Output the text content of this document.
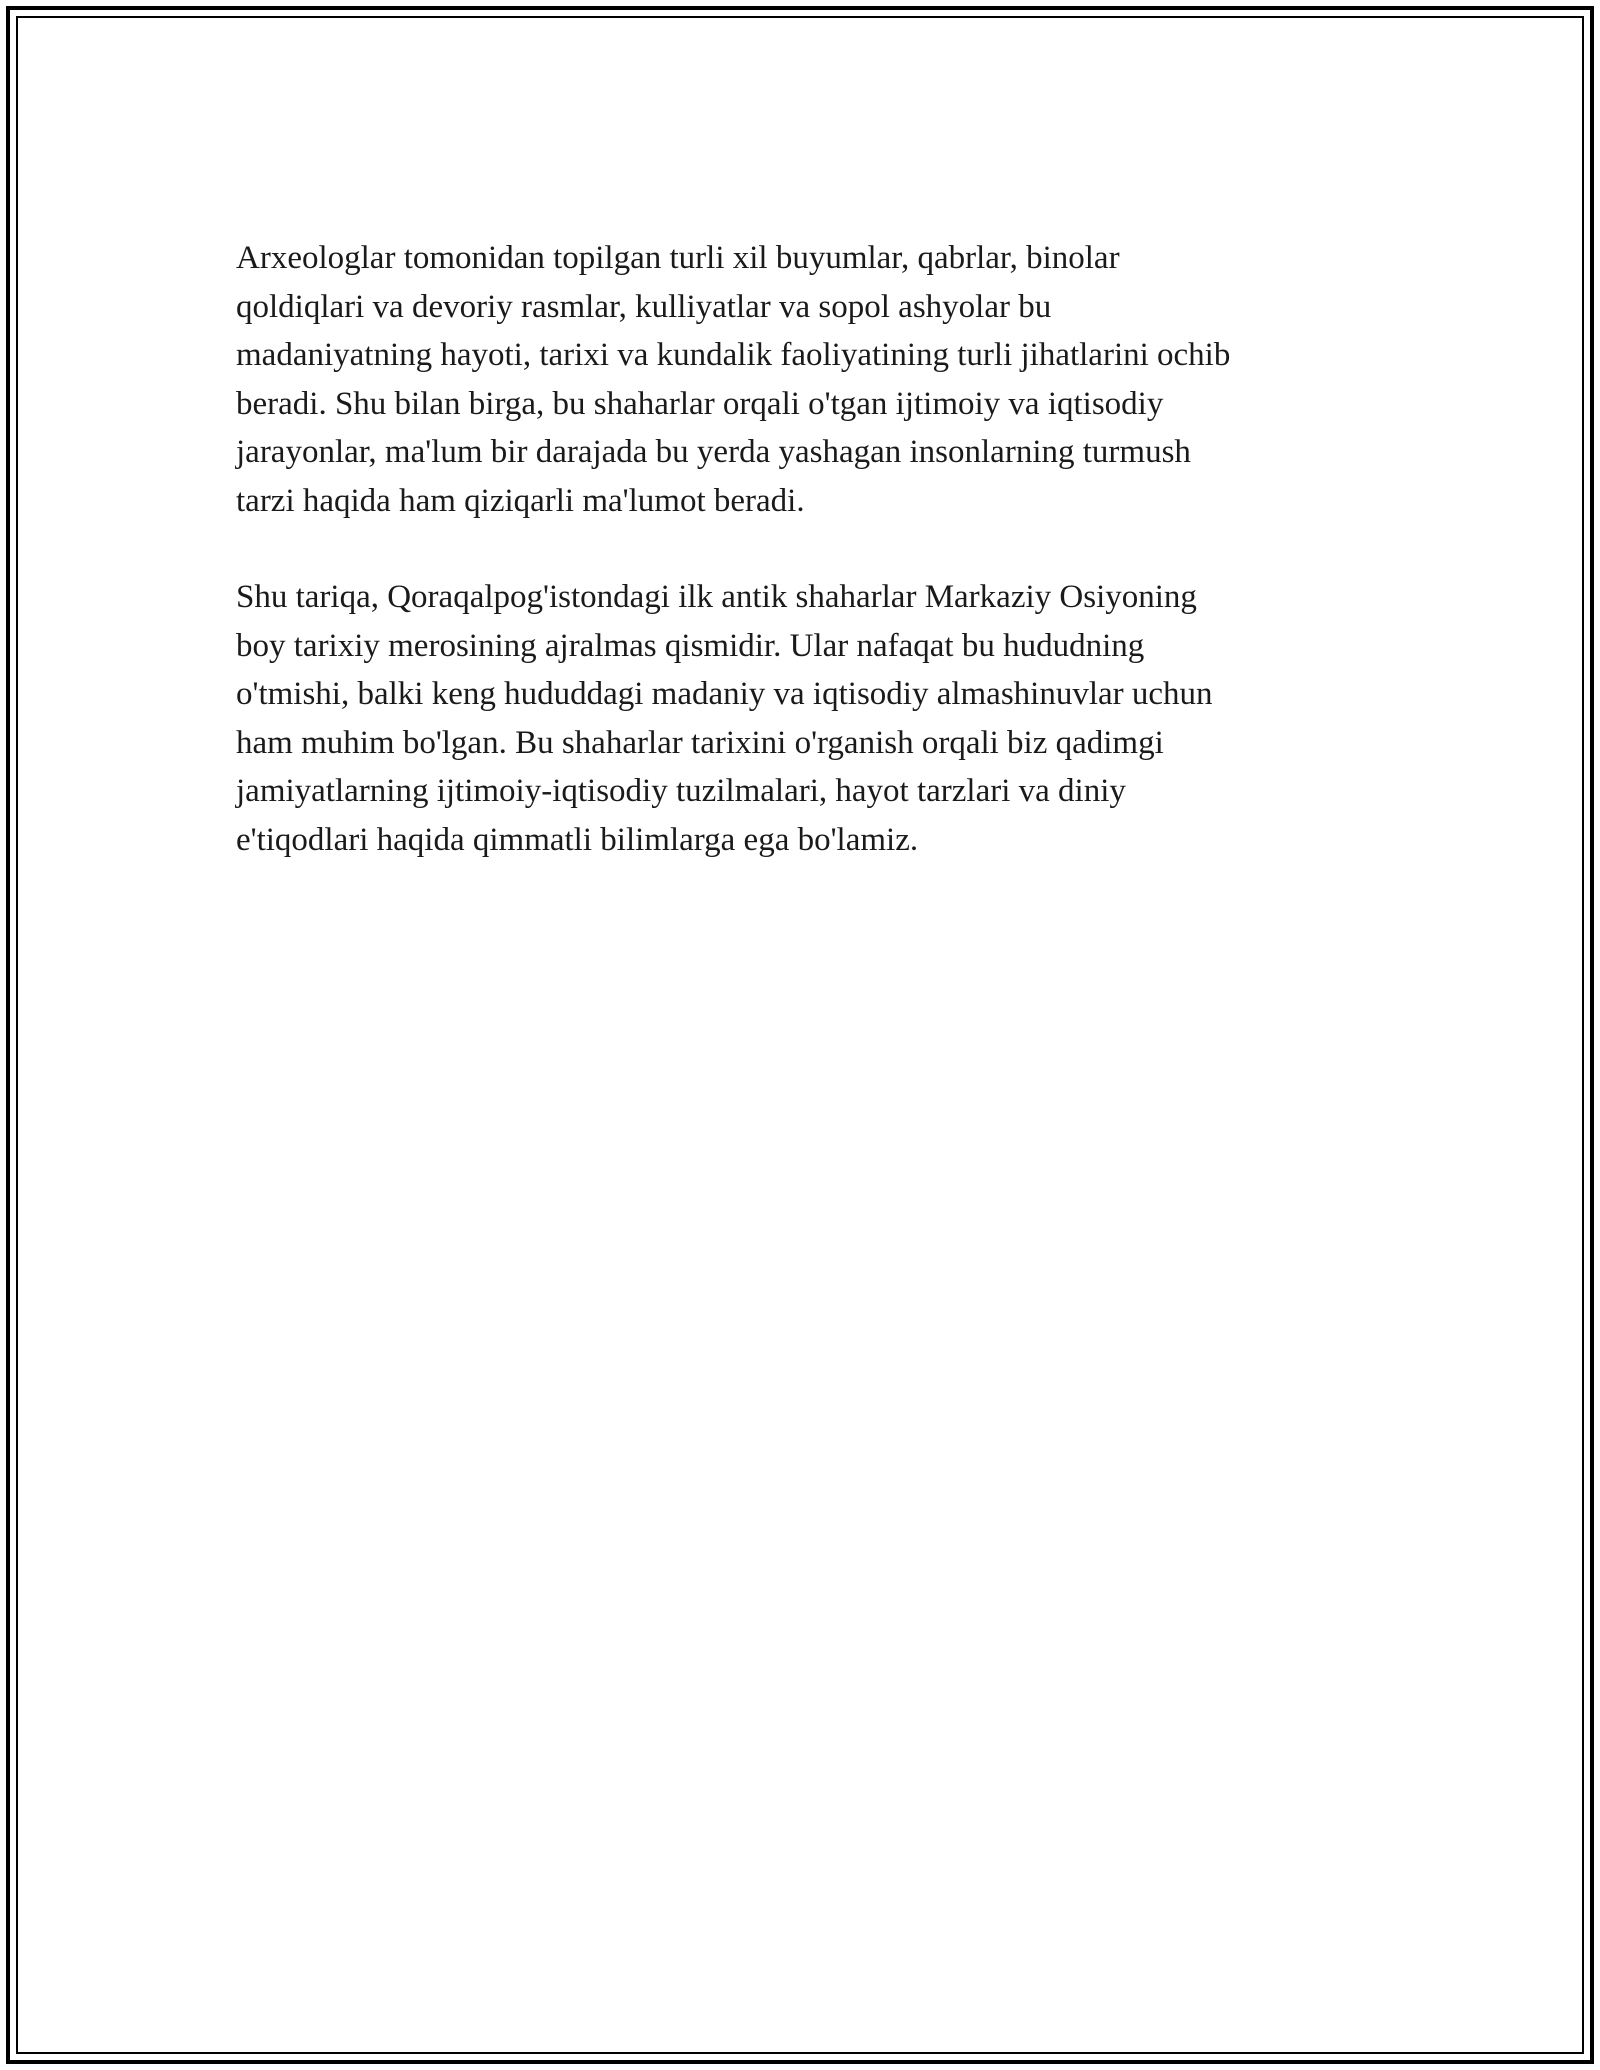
Arxeologlar tomonidan topilgan turli xil buyumlar, qabrlar, binolar
qoldiqlari va devoriy rasmlar, kulliyatlar va sopol ashyolar bu
madaniyatning hayoti, tarixi va kundalik faoliyatining turli jihatlarini ochib
beradi. Shu bilan birga, bu shaharlar orqali o'tgan ijtimoiy va iqtisodiy
jarayonlar, ma'lum bir darajada bu yerda yashagan insonlarning turmush
tarzi haqida ham qiziqarli ma'lumot beradi.

Shu tariqa, Qoraqalpog'istondagi ilk antik shaharlar Markaziy Osiyoning
boy tarixiy merosining ajralmas qismidir. Ular nafaqat bu hududning
o'tmishi, balki keng hududdagi madaniy va iqtisodiy almashinuvlar uchun
ham muhim bo'lgan. Bu shaharlar tarixini o'rganish orqali biz qadimgi
jamiyatlarning ijtimoiy-iqtisodiy tuzilmalari, hayot tarzlari va diniy
e'tiqodlari haqida qimmatli bilimlarga ega bo'lamiz.
